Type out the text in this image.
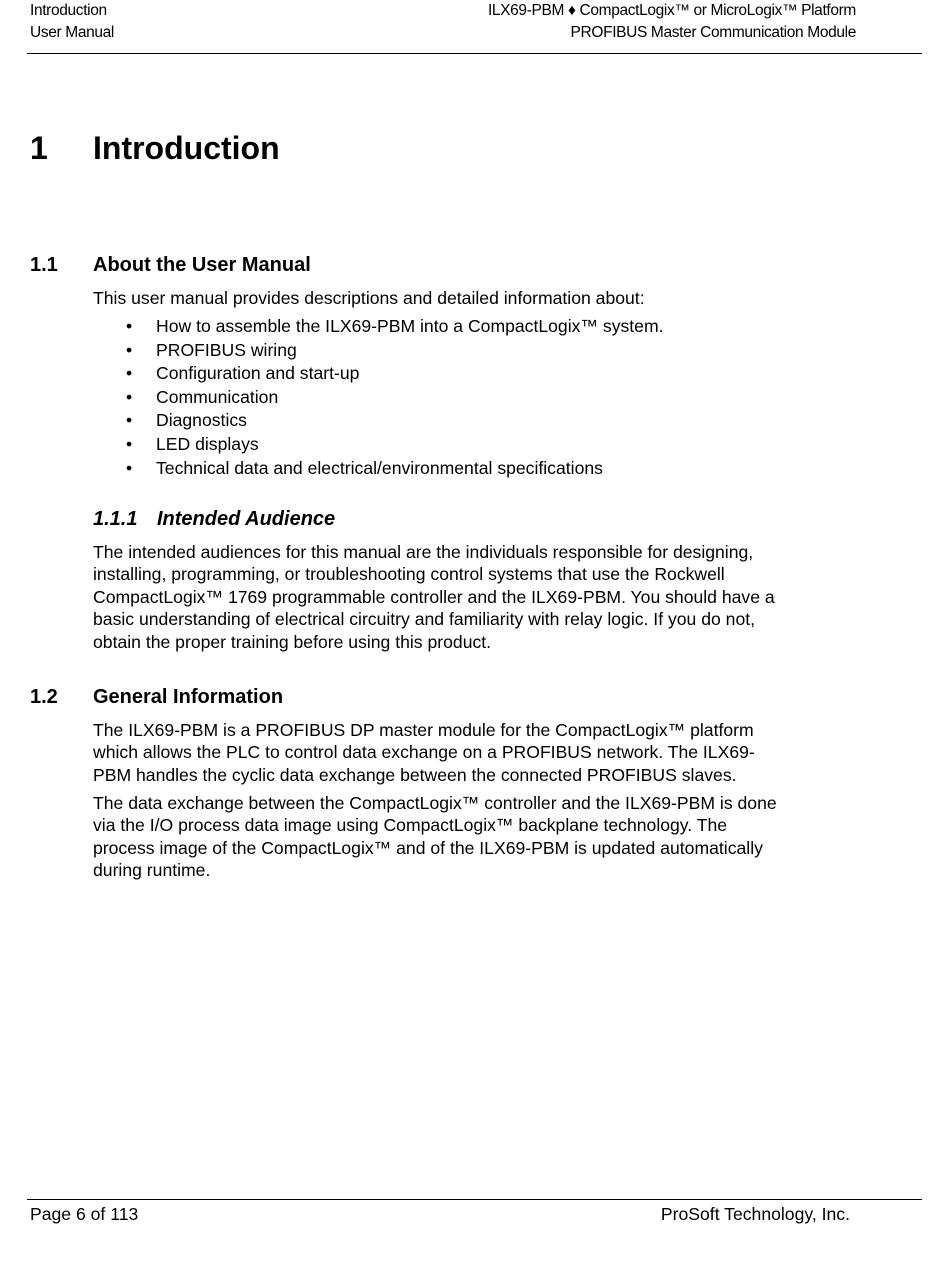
Introduction	ILX69-PBM ♦ CompactLogix™ or MicroLogix™ Platform
User Manual	PROFIBUS Master Communication Module
1 Introduction
1.1 About the User Manual

This user manual provides descriptions and detailed information about:

• How to assemble the ILX69-PBM into a CompactLogix™ system.
• PROFIBUS wiring
• Configuration and start-up
• Communication
• Diagnostics
• LED displays
• Technical data and electrical/environmental specifications
1.1.1 Intended Audience

The intended audiences for this manual are the individuals responsible for designing,
installing, programming, or troubleshooting control systems that use the Rockwell
CompactLogix™ 1769 programmable controller and the ILX69-PBM. You should have a
basic understanding of electrical circuitry and familiarity with relay logic. If you do not,
obtain the proper training before using this product.

1.2 General Information

The ILX69-PBM is a PROFIBUS DP master module for the CompactLogix™ platform
which allows the PLC to control data exchange on a PROFIBUS network. The ILX69-
PBM handles the cyclic data exchange between the connected PROFIBUS slaves.

The data exchange between the CompactLogix™ controller and the ILX69-PBM is done
via the I/O process data image using CompactLogix™ backplane technology. The
process image of the CompactLogix™ and of the ILX69-PBM is updated automatically
during runtime.

Page 6 of 113	ProSoft Technology, Inc.
